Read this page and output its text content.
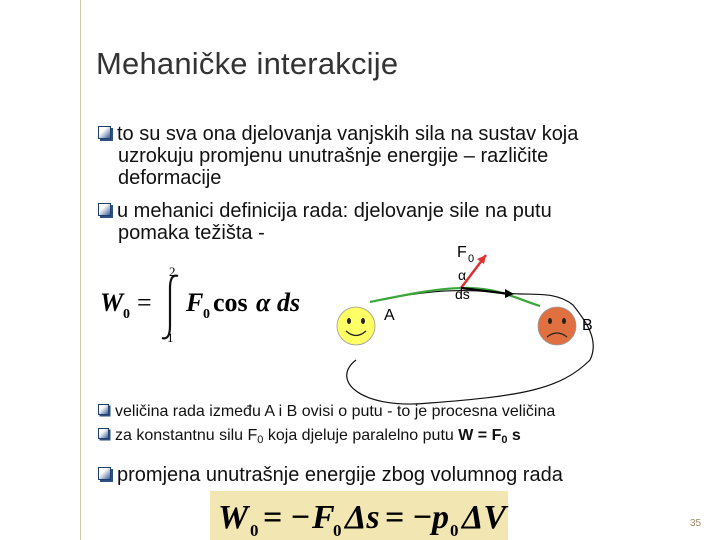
Mehaničke interakcije
to su sva ona djelovanja vanjskih sila na sustav koja
uzrokuju promjenu unutrašnje energije – različite
deformacije
u mehanici definicija rada: djelovanje sile na putu
pomaka težišta -
W 0 =
2
1
F 0 cos α ds
F 0
α
ds
A
B
veličina rada između A i B ovisi o putu - to je procesna veličina
za konstantnu silu $F_0$ koja djeluje paralelno putu $W = F_0$ s
promjena unutrašnje energije zbog volumnog rada
W 0 = − F
0 Δs = − p 0 ΔV	35
